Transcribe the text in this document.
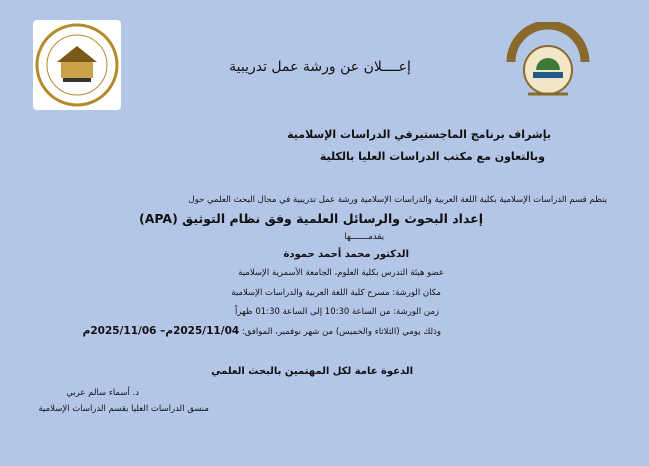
إعــــلان عن ورشة عمل تدريبية
بإشراف برنامج الماجستيرفي الدراسات الإسلامية
وبالتعاون مع مكتب الدراسات العليا بالكلية
ينظم قسم الدراسات الإسلامية بكلية اللغة العربية والدراسات الإسلامية ورشة عمل تدريبية في مجال البحث العلمي حول
إعداد البحوث والرسائل العلمية وفق نظام التوثيق (APA)
يقدمـــــــها
الدكتور محمد أحمد حمودة
عضو هيئة التدرس بكلية العلوم، الجامعة الأسمرية الإسلامية
مكان الورشة: مسرح كلية اللغة العربية والدراسات الإسلامية
زمن الورشة: من الساعة 10:30 إلى الساعة 01:30 ظهراً
وذلك يومي (الثلاثاء والخميس) من شهر نوفمبر، الموافق: 2025/11/04م– 2025/11/06م
الدعوة عامة لكل المهتمين بالبحث العلمي
د. أسماء سالم عربي
منسق الدراسات العليا بقسم الدراسات الإسلامية
